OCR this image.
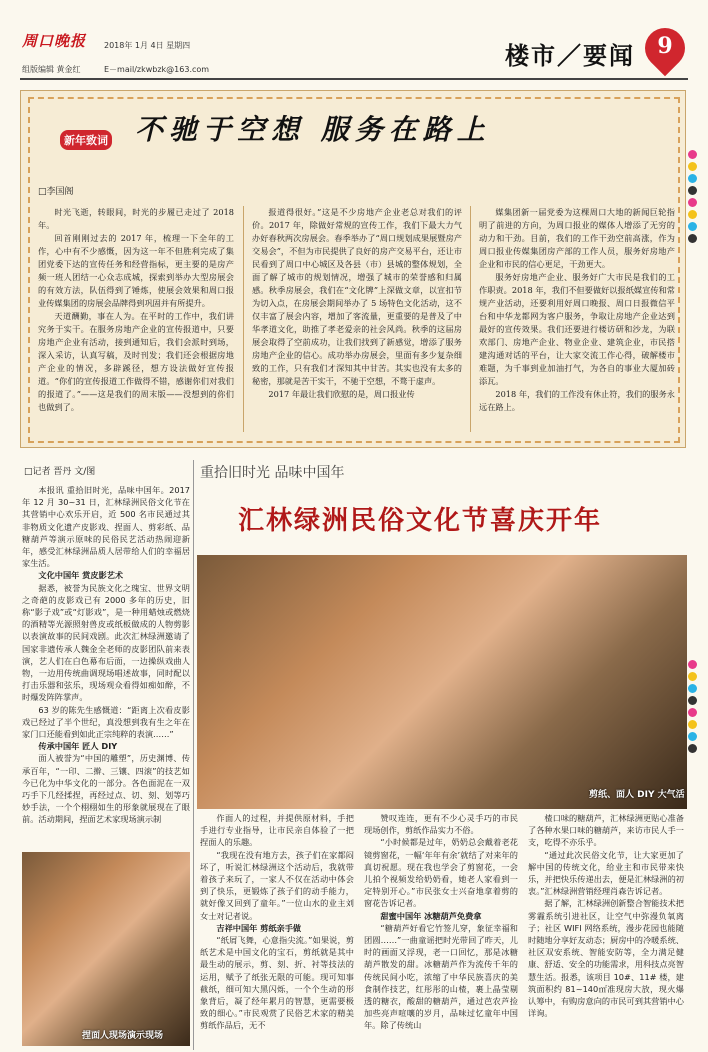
周口晚报	2018年 1月 4日 星期四
组版编辑 黄金红	E－mail/zkwbzk@163.com	楼市／要闻	9
新年致词 不驰于空想 服务在路上
□李国阁

时光飞逝，转眼间，时光的步履已走过了 2018年。

回首刚刚过去的 2017 年，梳理一下全年的工作，心中有不少感慨，因为这一年不但胜利完成了集团党委下达的宣传任务和经营指标，更主要的是房产频一班人团结一心众志成城，探索到举办大型房展会的有效方法，队伍得到了锤炼，使展会效果和周口报业传媒集团的房展会品牌得到巩固并有所提升。

天道酬勤，事在人为。在平时的工作中，我们讲究务于实干。在服务房地产企业的宣传报道中，只要房地产企业有活动，接到通知后，我们会派时到场，深入采访，认真写稿，及时刊发；我们还会根据房地产企业的情况，多辟蹊径，想方设法做好宣传报道。“你们的宣传报道工作做得不错，感谢你们对我们的报道了。”——这是我们的周末版——没想到的你们也做到了。

报道得很好。”这是不少房地产企业老总对我们的评价。2017 年，除做好常规的宣传工作，我们下最大力气办好春秋两次房展会。春季举办了“周口规划成果展暨房产交易会”，不但为市民提供了良好的房产交易平台，还让市民看到了周口中心城区及各县（市）县城的整体规划，全面了解了城市的规划情况，增强了城市的荣誉感和归属感。秋季房展会，我们在“文化牌”上深做文章，以宣扣节为切入点，在房展会期间举办了 5 场特色文化活动，这不仅丰富了展会内容，增加了客流量，更重要的是普及了中华孝道文化，助推了孝老爱亲的社会风尚。秋季的这届房展会取得了空前成功，让我们找到了新感觉，增添了服务房地产企业的信心。成功举办房展会，里面有多少复杂细致的工作，只有我们才深知其中甘苦。其实也没有太多的秘密，那就是苦干实干，不驰于空想，不骛于虚声。

2017 年最让我们欣慰的是，周口报业传

媒集团新一届党委为这棵周口大地的新闻巨轮指明了前进的方向，为周口报业的媒体人增添了无穷的动力和干劲。目前，我们的工作干劲空前高涨，作为周口报业传媒集团房产部的工作人员，服务好房地产企业和市民的信心更足，干劲更大。

服务好房地产企业、服务好广大市民是我们的工作职责。2018 年，我们不但要做好以报纸媒宣传和常规产业活动，还要利用好周口晚报、周口日报微信平台和中华龙都网为客户服务，争取让房地产企业达到最好的宣传效果。我们还要进行楼访研和沙龙，为联欢部门、房地产企业、物业企业、建筑企业，市民搭建沟通对话的平台，让大家交流工作心得，破解楼市难题，为千事到业加油打气，为各自的事业大厦加砖添瓦。

2018 年，我们的工作没有休止符，我们的服务永远在路上。

□记者 晋丹 文/图	重拾旧时光 品味中国年
汇林绿洲民俗文化节喜庆开年

本报讯 重拾旧时光，品味中国年。2017 年 12 月 30~31 日，汇林绿洲民俗文化节在其营销中心欢乐开启，近 500 名市民通过其非物质文化遗产皮影戏、捏面人、剪彩纸、品糖葫芦等演示原味的民俗民艺活动热闹迎新年，感受汇林绿洲品质人居带给人们的幸福居家生活。

文化中国年 赏皮影艺术

据悉，被誉为民族文化之瑰宝、世界文明之奇葩的皮影戏已有 2000 多年的历史，旧称“影子戏”或“灯影戏”，是一种用蜡烛或燃烧的酒精等光源照射兽皮或纸板做成的人物剪影以表演故事的民间戏剧。此次汇林绿洲邀请了国家非遗传承人魏金全老师的皮影团队前来表演，艺人们在白色幕布后面，一边操纵戏曲人物，一边用传统曲调现场唱述故事，同时配以打击乐器和弦乐，现场观众看得如痴如醉，不时爆发阵阵掌声。

63 岁的陈先生感慨道：“距离上次看皮影戏已经过了半个世纪，真没想到我有生之年在家门口还能看到如此正宗纯粹的表演……”

传承中国年 匠人 DIY

面人被誉为“中国的雕塑”，历史渊博、传承百年，“一印、二擀、三镶、四滚”的技艺如今已化为中华文化的一部分。各色面泥在一双巧手下几经揉捏，再经过点、切、刻、划等巧妙手法，一个个栩栩如生的形象就展现在了眼前。活动期间，捏面艺术家现场演示制

捏面人现场演示现场
剪纸、面人 DIY 大气活

作面人的过程，并提供原材料，手把手进行专业指导，让市民亲自体验了一把捏面人的乐趣。

“我现在没有地方去，孩子们在家都闷坏了，听说汇林绿洲这个活动后，我就带着孩子来玩了，一家人不仅在活动中体会到了快乐，更锻炼了孩子们的动手能力，就好像又回到了童年。”一位山水的业主刘女士对记者说。

吉祥中国年 剪纸亲手做

“纸屑飞舞，心意指尖流。”如果说，剪纸艺术是中国文化的宝石，剪纸就是其中最生动的展示，剪、刻、折、衬等技法的运用，赋予了纸张无限的可能。现可知事截纸，细可知大黑闪烁，一个个生动的形象背后，凝了经年累月的智慧，更需要极致的细心。”市民观赏了民俗艺术家的精美剪纸作品后，无不

赞叹连连，更有不少心灵手巧的市民现场创作，剪纸作品实力不俗。

“小时候都是过年，奶奶总会戴着老花镜剪窗花，一幅‘年年有余’就结了对来年的真切祝愿。现在我也学会了剪窗花，一会儿拍个视频发给奶奶看，她老人家看到一定特别开心。”市民张女士兴奋地拿着剪的窗花告诉记者。

甜蜜中国年 冰糖葫芦免费拿

“糖葫芦好看它竹签儿穿，象征幸福和团圆……”一曲童谣把时光带回了昨天，儿时的画面又浮现，老一口回忆，那是冰糖葫芦散发的甜。冰糖葫芦作为流传千年的传统民间小吃，浓缩了中华民族喜庆的美食制作技艺，红彤彤的山楂，裹上晶莹剔透的糖衣，酸甜的糖葫芦，通过芭农芦捡加些亮声喧嚷的岁月，品味过忆童年中国年。除了传统山

楂口味的糖葫芦，汇林绿洲更贴心准备了各种水果口味的糖葫芦，来访市民人手一支，吃得不亦乐乎。

“通过此次民俗文化节，让大家更加了解中国的传统文化，给业主和市民带来快乐，并把快乐传递出去，便是汇林绿洲的初衷。”汇林绿洲营销经理肖森告诉记者。

据了解，汇林绿洲创新整合智能技术把雾霾系统引进社区，让空气中弥漫负氧离子；社区 WIFI 网络系统，漫步花园也能随时随地分享好友动态；厨房中的冷暖系统、社区双安系统、智能安防等，全力满足健康、舒适、安全的功能需求，用科技点亮智慧生活。报悉，该项目 10#、11# 楼，建筑面积约 81~140㎡准现房大放，现火爆认筹中，有购房意向的市民可到其营销中心详询。
